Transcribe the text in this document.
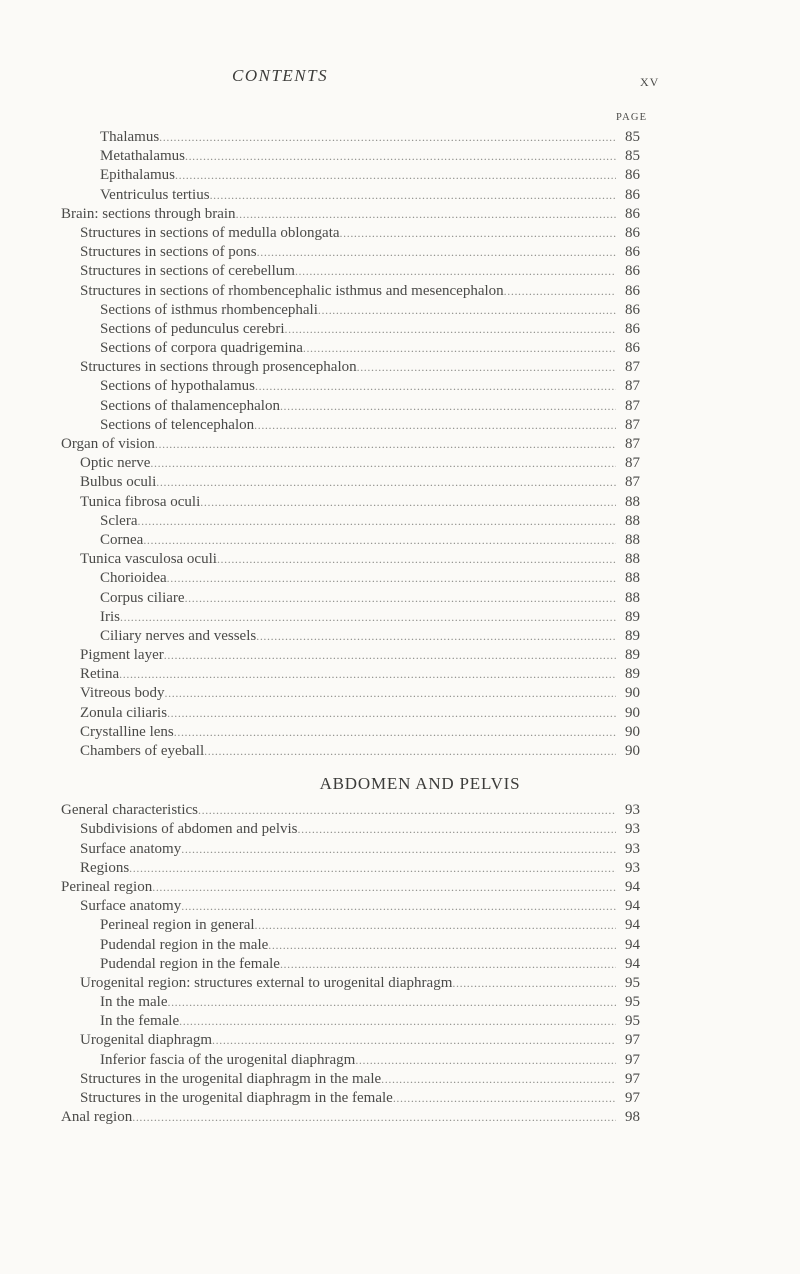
CONTENTS	XV
PAGE
Thalamus .....	85
Metathalamus .....	85
Epithalamus .....	86
Ventriculus tertius .....	86
Brain: sections through brain .....	86
Structures in sections of medulla oblongata .....	86
Structures in sections of pons .....	86
Structures in sections of cerebellum .....	86
Structures in sections of rhombencephalic isthmus and mesencephalon .....	86
Sections of isthmus rhombencephali .....	86
Sections of pedunculus cerebri .....	86
Sections of corpora quadrigemina .....	86
Structures in sections through prosencephalon .....	87
Sections of hypothalamus .....	87
Sections of thalamencephalon .....	87
Sections of telencephalon .....	87
Organ of vision .....	87
Optic nerve .....	87
Bulbus oculi .....	87
Tunica fibrosa oculi .....	88
Sclera .....	88
Cornea .....	88
Tunica vasculosa oculi .....	88
Chorioidea .....	88
Corpus ciliare .....	88
Iris .....	89
Ciliary nerves and vessels .....	89
Pigment layer .....	89
Retina .....	89
Vitreous body .....	90
Zonula ciliaris .....	90
Crystalline lens .....	90
Chambers of eyeball .....	90
ABDOMEN AND PELVIS
General characteristics .....	93
Subdivisions of abdomen and pelvis .....	93
Surface anatomy .....	93
Regions .....	93
Perineal region .....	94
Surface anatomy .....	94
Perineal region in general .....	94
Pudendal region in the male .....	94
Pudendal region in the female .....	94
Urogenital region: structures external to urogenital diaphragm .....	95
In the male .....	95
In the female .....	95
Urogenital diaphragm .....	97
Inferior fascia of the urogenital diaphragm .....	97
Structures in the urogenital diaphragm in the male .....	97
Structures in the urogenital diaphragm in the female .....	97
Anal region .....	98
